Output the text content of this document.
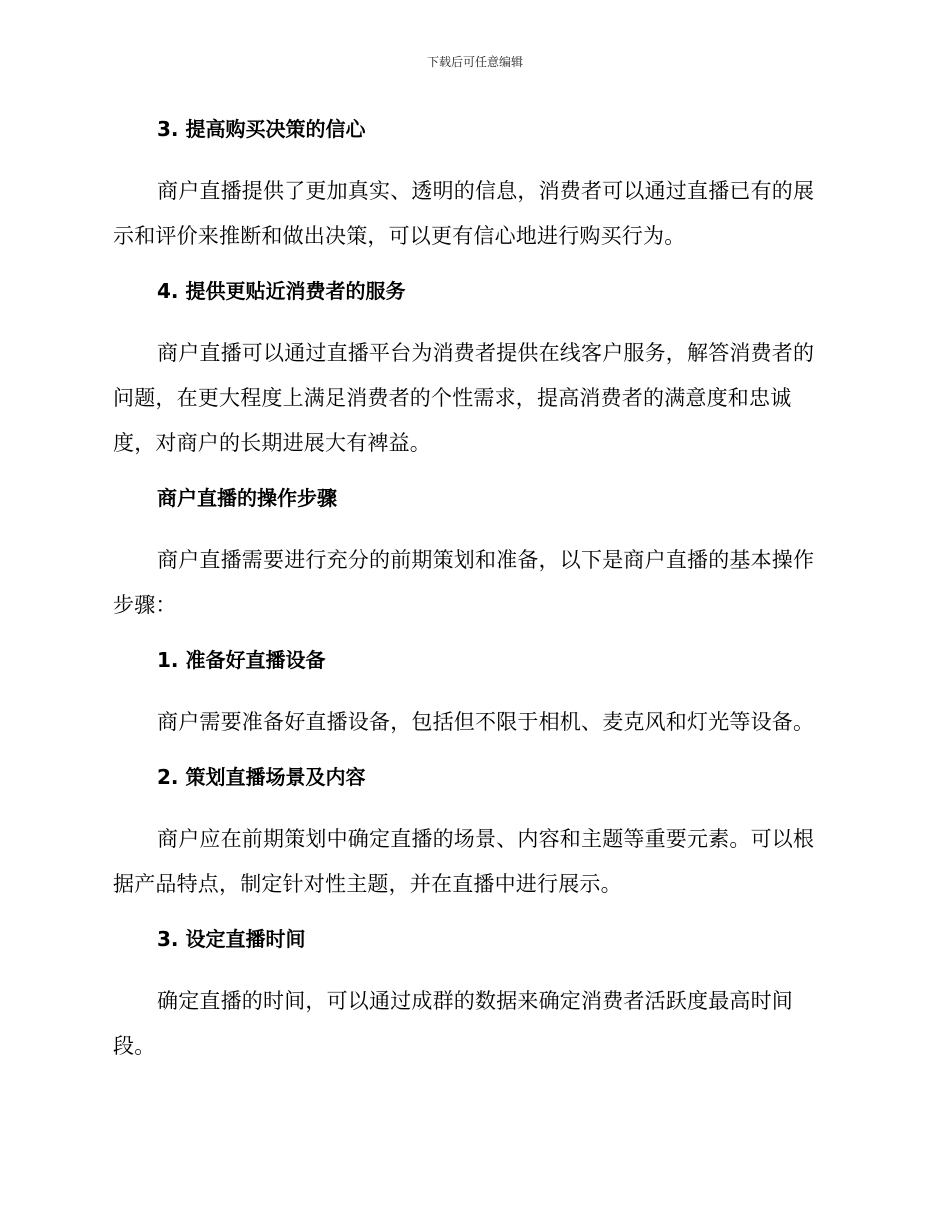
下载后可任意编辑
3. 提高购买决策的信心

商户直播提供了更加真实、透明的信息，消费者可以通过直播已有的展示和评价来推断和做出决策，可以更有信心地进行购买行为。

4. 提供更贴近消费者的服务

商户直播可以通过直播平台为消费者提供在线客户服务，解答消费者的问题，在更大程度上满足消费者的个性需求，提高消费者的满意度和忠诚度，对商户的长期进展大有裨益。

商户直播的操作步骤

商户直播需要进行充分的前期策划和准备，以下是商户直播的基本操作步骤：

1. 准备好直播设备

商户需要准备好直播设备，包括但不限于相机、麦克风和灯光等设备。

2. 策划直播场景及内容

商户应在前期策划中确定直播的场景、内容和主题等重要元素。可以根据产品特点，制定针对性主题，并在直播中进行展示。

3. 设定直播时间

确定直播的时间，可以通过成群的数据来确定消费者活跃度最高时间段。
